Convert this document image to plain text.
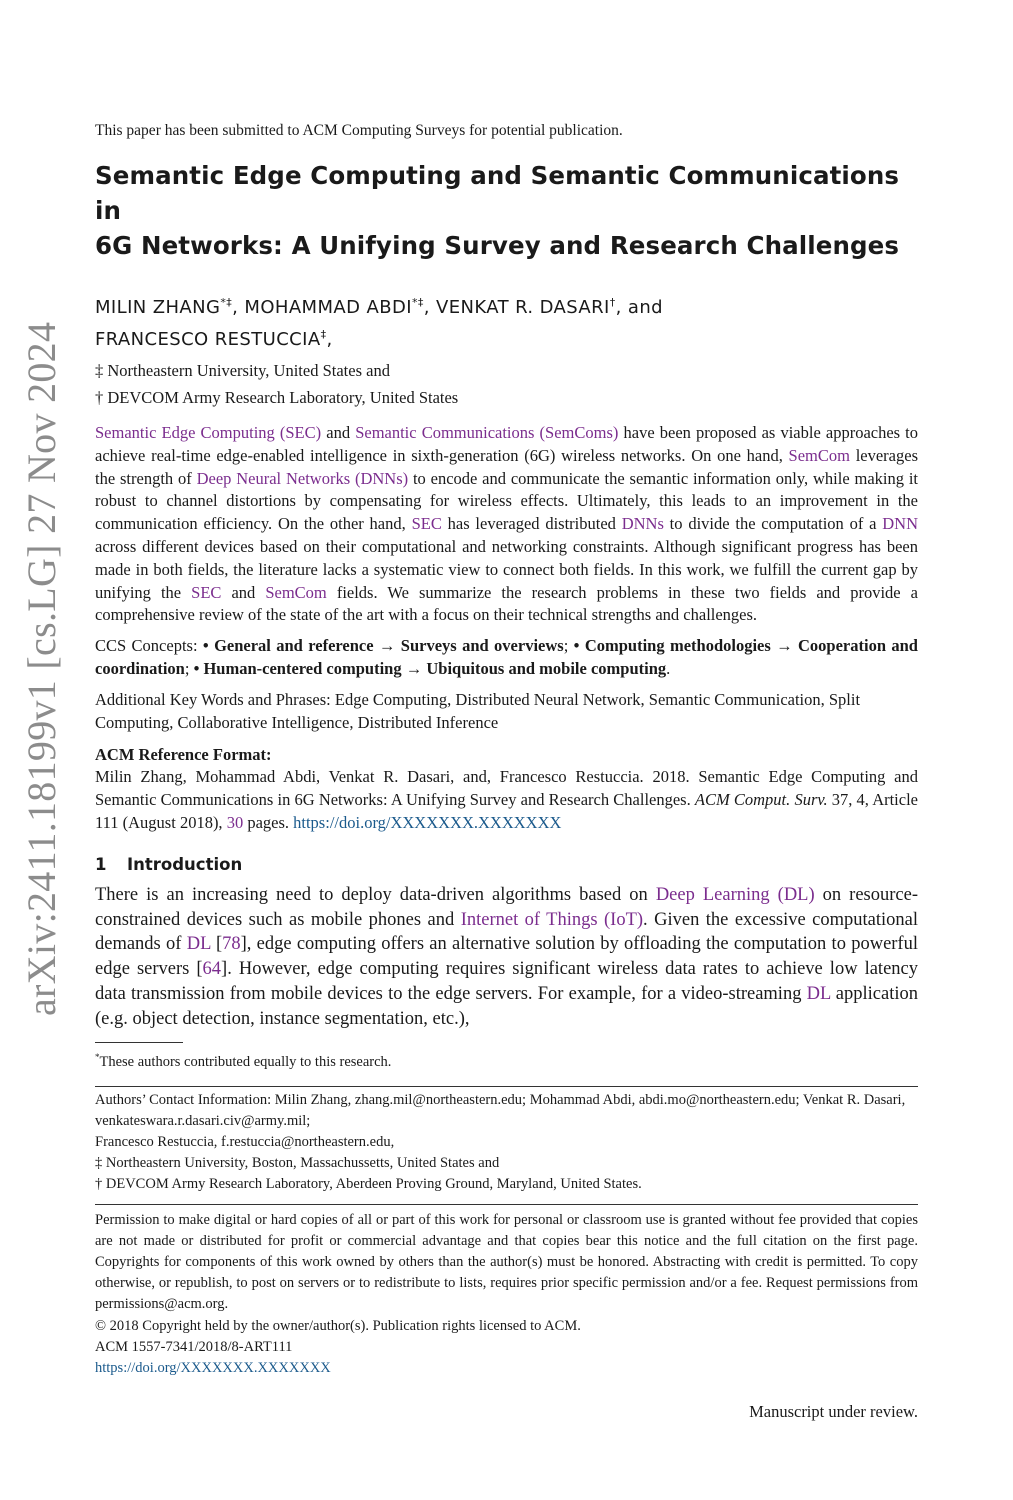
arXiv:2411.18199v1 [cs.LG] 27 Nov 2024

This paper has been submitted to ACM Computing Surveys for potential publication.

Semantic Edge Computing and Semantic Communications in
6G Networks: A Unifying Survey and Research Challenges

MILIN ZHANG*‡, MOHAMMAD ABDI*‡, VENKAT R. DASARI†, and
FRANCESCO RESTUCCIA‡,

‡ Northeastern University, United States and
† DEVCOM Army Research Laboratory, United States

Semantic Edge Computing (SEC) and Semantic Communications (SemComs) have been proposed as viable approaches to achieve real-time edge-enabled intelligence in sixth-generation (6G) wireless networks. On one hand, SemCom leverages the strength of Deep Neural Networks (DNNs) to encode and communicate the semantic information only, while making it robust to channel distortions by compensating for wireless effects. Ultimately, this leads to an improvement in the communication efficiency. On the other hand, SEC has leveraged distributed DNNs to divide the computation of a DNN across different devices based on their computational and networking constraints. Although significant progress has been made in both fields, the literature lacks a systematic view to connect both fields. In this work, we fulfill the current gap by unifying the SEC and SemCom fields. We summarize the research problems in these two fields and provide a comprehensive review of the state of the art with a focus on their technical strengths and challenges.

CCS Concepts: • General and reference → Surveys and overviews; • Computing methodologies → Cooperation and coordination; • Human-centered computing → Ubiquitous and mobile computing.

Additional Key Words and Phrases: Edge Computing, Distributed Neural Network, Semantic Communication, Split Computing, Collaborative Intelligence, Distributed Inference

ACM Reference Format:

Milin Zhang, Mohammad Abdi, Venkat R. Dasari, and, Francesco Restuccia. 2018. Semantic Edge Computing and Semantic Communications in 6G Networks: A Unifying Survey and Research Challenges. ACM Comput. Surv. 37, 4, Article 111 (August 2018), 30 pages. https://doi.org/XXXXXXX.XXXXXXX

1 Introduction

There is an increasing need to deploy data-driven algorithms based on Deep Learning (DL) on resource-constrained devices such as mobile phones and Internet of Things (IoT). Given the excessive computational demands of DL [78], edge computing offers an alternative solution by offloading the computation to powerful edge servers [64]. However, edge computing requires significant wireless data rates to achieve low latency data transmission from mobile devices to the edge servers. For example, for a video-streaming DL application (e.g. object detection, instance segmentation, etc.),

*These authors contributed equally to this research.

Authors’ Contact Information: Milin Zhang, zhang.mil@northeastern.edu; Mohammad Abdi, abdi.mo@northeastern.edu; Venkat R. Dasari, venkateswara.r.dasari.civ@army.mil;
Francesco Restuccia, f.restuccia@northeastern.edu,
‡ Northeastern University, Boston, Massachussetts, United States and
† DEVCOM Army Research Laboratory, Aberdeen Proving Ground, Maryland, United States.

Permission to make digital or hard copies of all or part of this work for personal or classroom use is granted without fee provided that copies are not made or distributed for profit or commercial advantage and that copies bear this notice and the full citation on the first page. Copyrights for components of this work owned by others than the author(s) must be honored. Abstracting with credit is permitted. To copy otherwise, or republish, to post on servers or to redistribute to lists, requires prior specific permission and/or a fee. Request permissions from permissions@acm.org.

© 2018 Copyright held by the owner/author(s). Publication rights licensed to ACM.

ACM 1557-7341/2018/8-ART111

https://doi.org/XXXXXXX.XXXXXXX

Manuscript under review.
